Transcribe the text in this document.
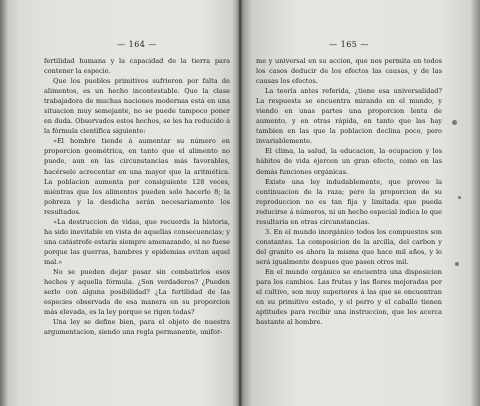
— 164 —

fertilidad humana y la capacidad de la tierra para contener la especie.

Que los pueblos primitivos sufrieron por falta de alimentos, es un hecho incontestable. Que la clase trabajadora de muchas naciones modernas está en una situacion muy semejante, no se puede tampoco poner en duda. Observados estos hechos, se les ha reducido á la fórmula científica siguiente:

»El hombre tiende á aumentar su número en proporcion geométrica, en tanto que el alimento no puede, aun en las circunstancias más favorables, hacérsele acrecentar en una mayor que la aritmética. La poblacion aumenta por consiguiente 128 veces, miéntras que los alimentos pueden solo hacerlo 8; la pobreza y la desdicha serán necesariamente los resultados.

»La destruccion de vidas, que recuerda la historia, ha sido inevitable en vista de aquellas consecuencias; y una catástrofe estaria siempre amenazando, si no fuese porque las guerras, hambres y epidemias evitan aquel mal.»

No se pueden dejar pasar sin combatirlos esos hechos y aquella fórmula. ¿Son verdaderos? ¿Pueden serlo con alguna posibilidad? ¿La fertilidad de las especies observada de esa manera en su proporcion más elevada, es la ley porque se rigen todas?

Una ley se define bien, para el objeto de nuestra argumentacion, siendo una regla permanente, unifor-

— 165 —

me y universal en su accion, que nos permita en todos los casos deducir de los efectos las causas, y de las causas los efectos.

La teoría antes referida, ¿tiene esa universalidad? La respuesta se encuentra mirando en el mundo, y viendo en unas partes una proporcion lenta de aumento, y en otras rápida, en tanto que las hay tambien en las que la poblacion declina poco, pero invariablemente.

El clima, la salud, la educacion, la ocupacion y los hábitos de vida ejercen un gran efecto, como en las demás funciones orgánicas.

Existe una ley indudablemente, que provee la continuacion de la raza; pero la proporcion de su reproduccion no es tan fija y limitada que pueda reducirse á números, ni un hecho especial indica lo que resultaria en otras circunstancias.

3. En el mundo inorgánico todos los compuestos son constantes. La composicion de la arcilla, del carbon y del granito es ahora la misma que hace mil años, y lo será igualmente despues que pasen otros mil.

En el mundo orgánico se encuentra una disposicion para los cambios. Las frutas y las flores mejoradas por el cultivo, son muy superiores á las que se encuentran en su primitivo estado, y el perro y el caballo tienen aptitudes para recibir una instruccion, que les acerca bastante al hombre.
